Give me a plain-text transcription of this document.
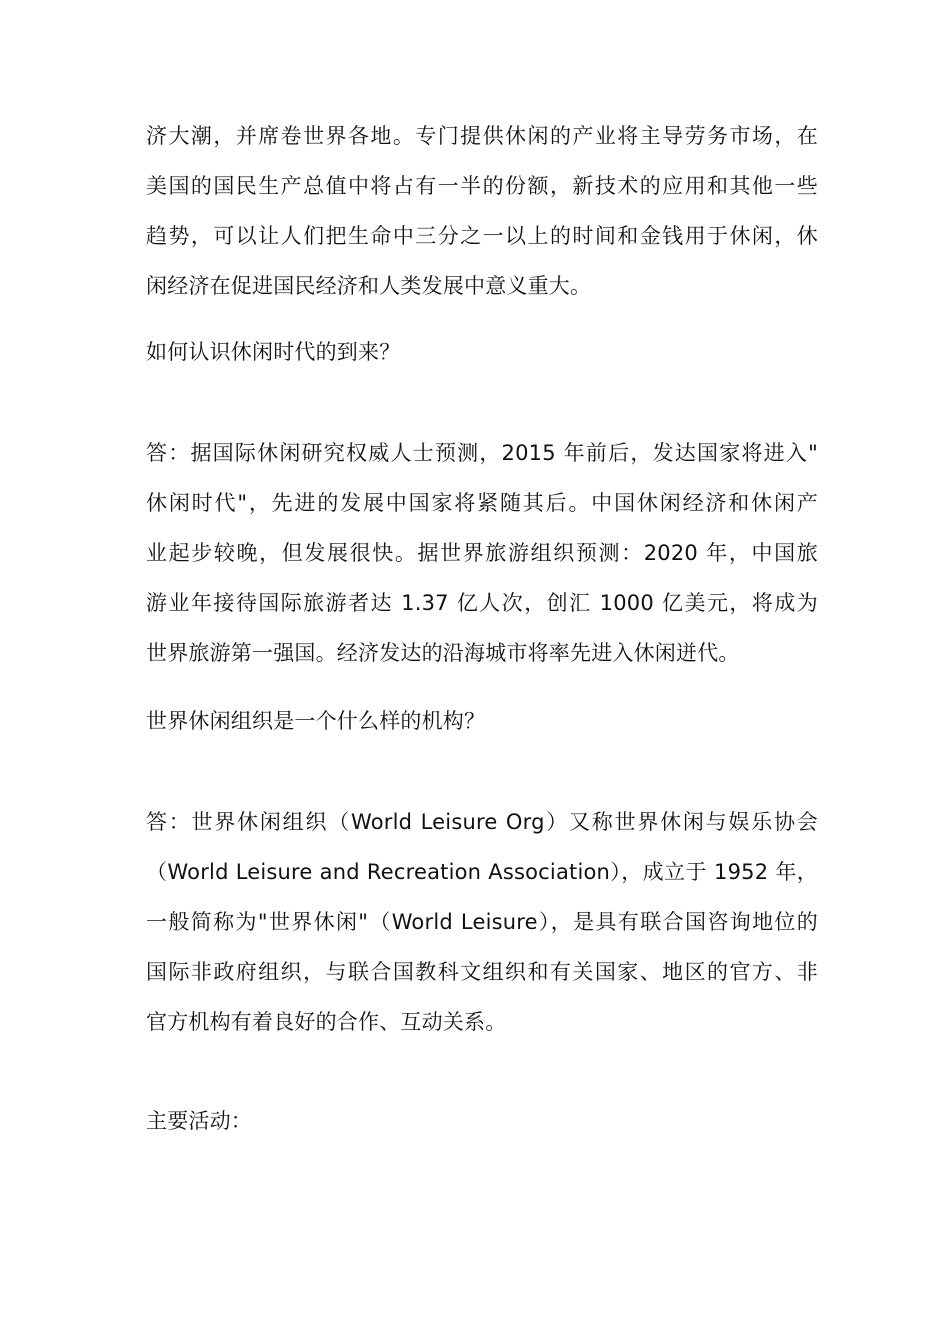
济大潮，并席卷世界各地。专门提供休闲的产业将主导劳务市场，在
美国的国民生产总值中将占有一半的份额，新技术的应用和其他一些
趋势，可以让人们把生命中三分之一以上的时间和金钱用于休闲，休
闲经济在促进国民经济和人类发展中意义重大。
如何认识休闲时代的到来？
答：据国际休闲研究权威人士预测，2015 年前后，发达国家将进入"
休闲时代"，先进的发展中国家将紧随其后。中国休闲经济和休闲产
业起步较晚，但发展很快。据世界旅游组织预测：2020 年，中国旅
游业年接待国际旅游者达 1.37 亿人次，创汇 1000 亿美元，将成为
世界旅游第一强国。经济发达的沿海城市将率先进入休闲迸代。
世界休闲组织是一个什么样的机构？
答：世界休闲组织（World Leisure Org）又称世界休闲与娱乐协会
（World Leisure and Recreation Association），成立于 1952 年，
一般简称为"世界休闲"（World Leisure），是具有联合国咨询地位的
国际非政府组织，与联合国教科文组织和有关国家、地区的官方、非
官方机构有着良好的合作、互动关系。
主要活动：
